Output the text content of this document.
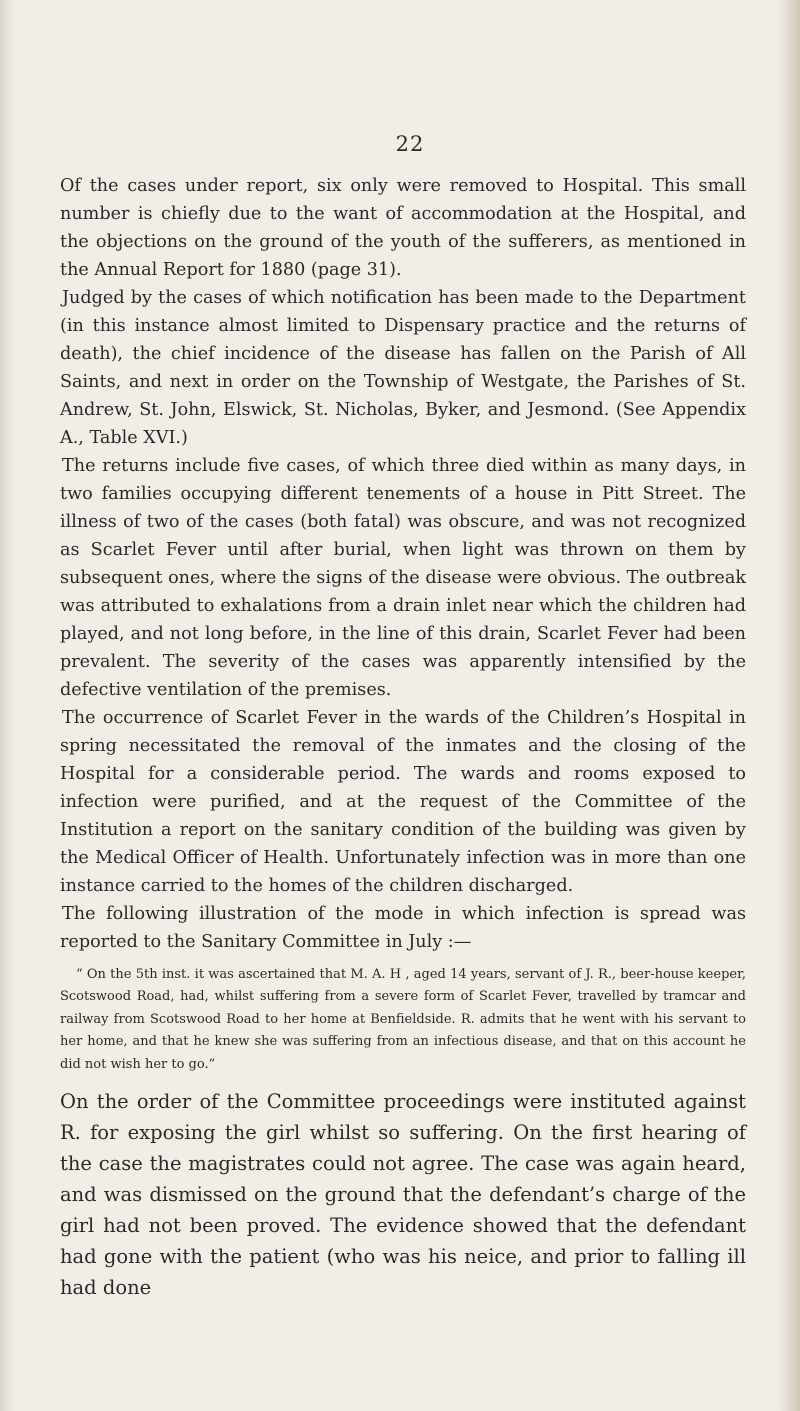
22

Of the cases under report, six only were removed to Hospital. This small number is chiefly due to the want of accommodation at the Hospital, and the objections on the ground of the youth of the sufferers, as mentioned in the Annual Report for 1880 (page 31).

Judged by the cases of which notification has been made to the Department (in this instance almost limited to Dispensary practice and the returns of death), the chief incidence of the disease has fallen on the Parish of All Saints, and next in order on the Township of Westgate, the Parishes of St. Andrew, St. John, Elswick, St. Nicholas, Byker, and Jesmond. (See Appendix A., Table XVI.)

The returns include five cases, of which three died within as many days, in two families occupying different tenements of a house in Pitt Street. The illness of two of the cases (both fatal) was obscure, and was not recognized as Scarlet Fever until after burial, when light was thrown on them by subsequent ones, where the signs of the disease were obvious. The outbreak was attributed to exhalations from a drain inlet near which the children had played, and not long before, in the line of this drain, Scarlet Fever had been prevalent. The severity of the cases was apparently intensified by the defective ventilation of the premises.

The occurrence of Scarlet Fever in the wards of the Children’s Hospital in spring necessitated the removal of the inmates and the closing of the Hospital for a considerable period. The wards and rooms exposed to infection were purified, and at the request of the Committee of the Institution a report on the sanitary condition of the building was given by the Medical Officer of Health. Unfortunately infection was in more than one instance carried to the homes of the children discharged.

The following illustration of the mode in which infection is spread was reported to the Sanitary Committee in July :—

“ On the 5th inst. it was ascertained that M. A. H , aged 14 years, servant of J. R., beer-house keeper, Scotswood Road, had, whilst suffering from a severe form of Scarlet Fever, travelled by tramcar and railway from Scotswood Road to her home at Benfieldside. R. admits that he went with his servant to her home, and that he knew she was suffering from an infectious disease, and that on this account he did not wish her to go.”

On the order of the Committee proceedings were instituted against R. for exposing the girl whilst so suffering. On the first hearing of the case the magistrates could not agree. The case was again heard, and was dismissed on the ground that the defendant’s charge of the girl had not been proved. The evidence showed that the defendant had gone with the patient (who was his neice, and prior to falling ill had done
